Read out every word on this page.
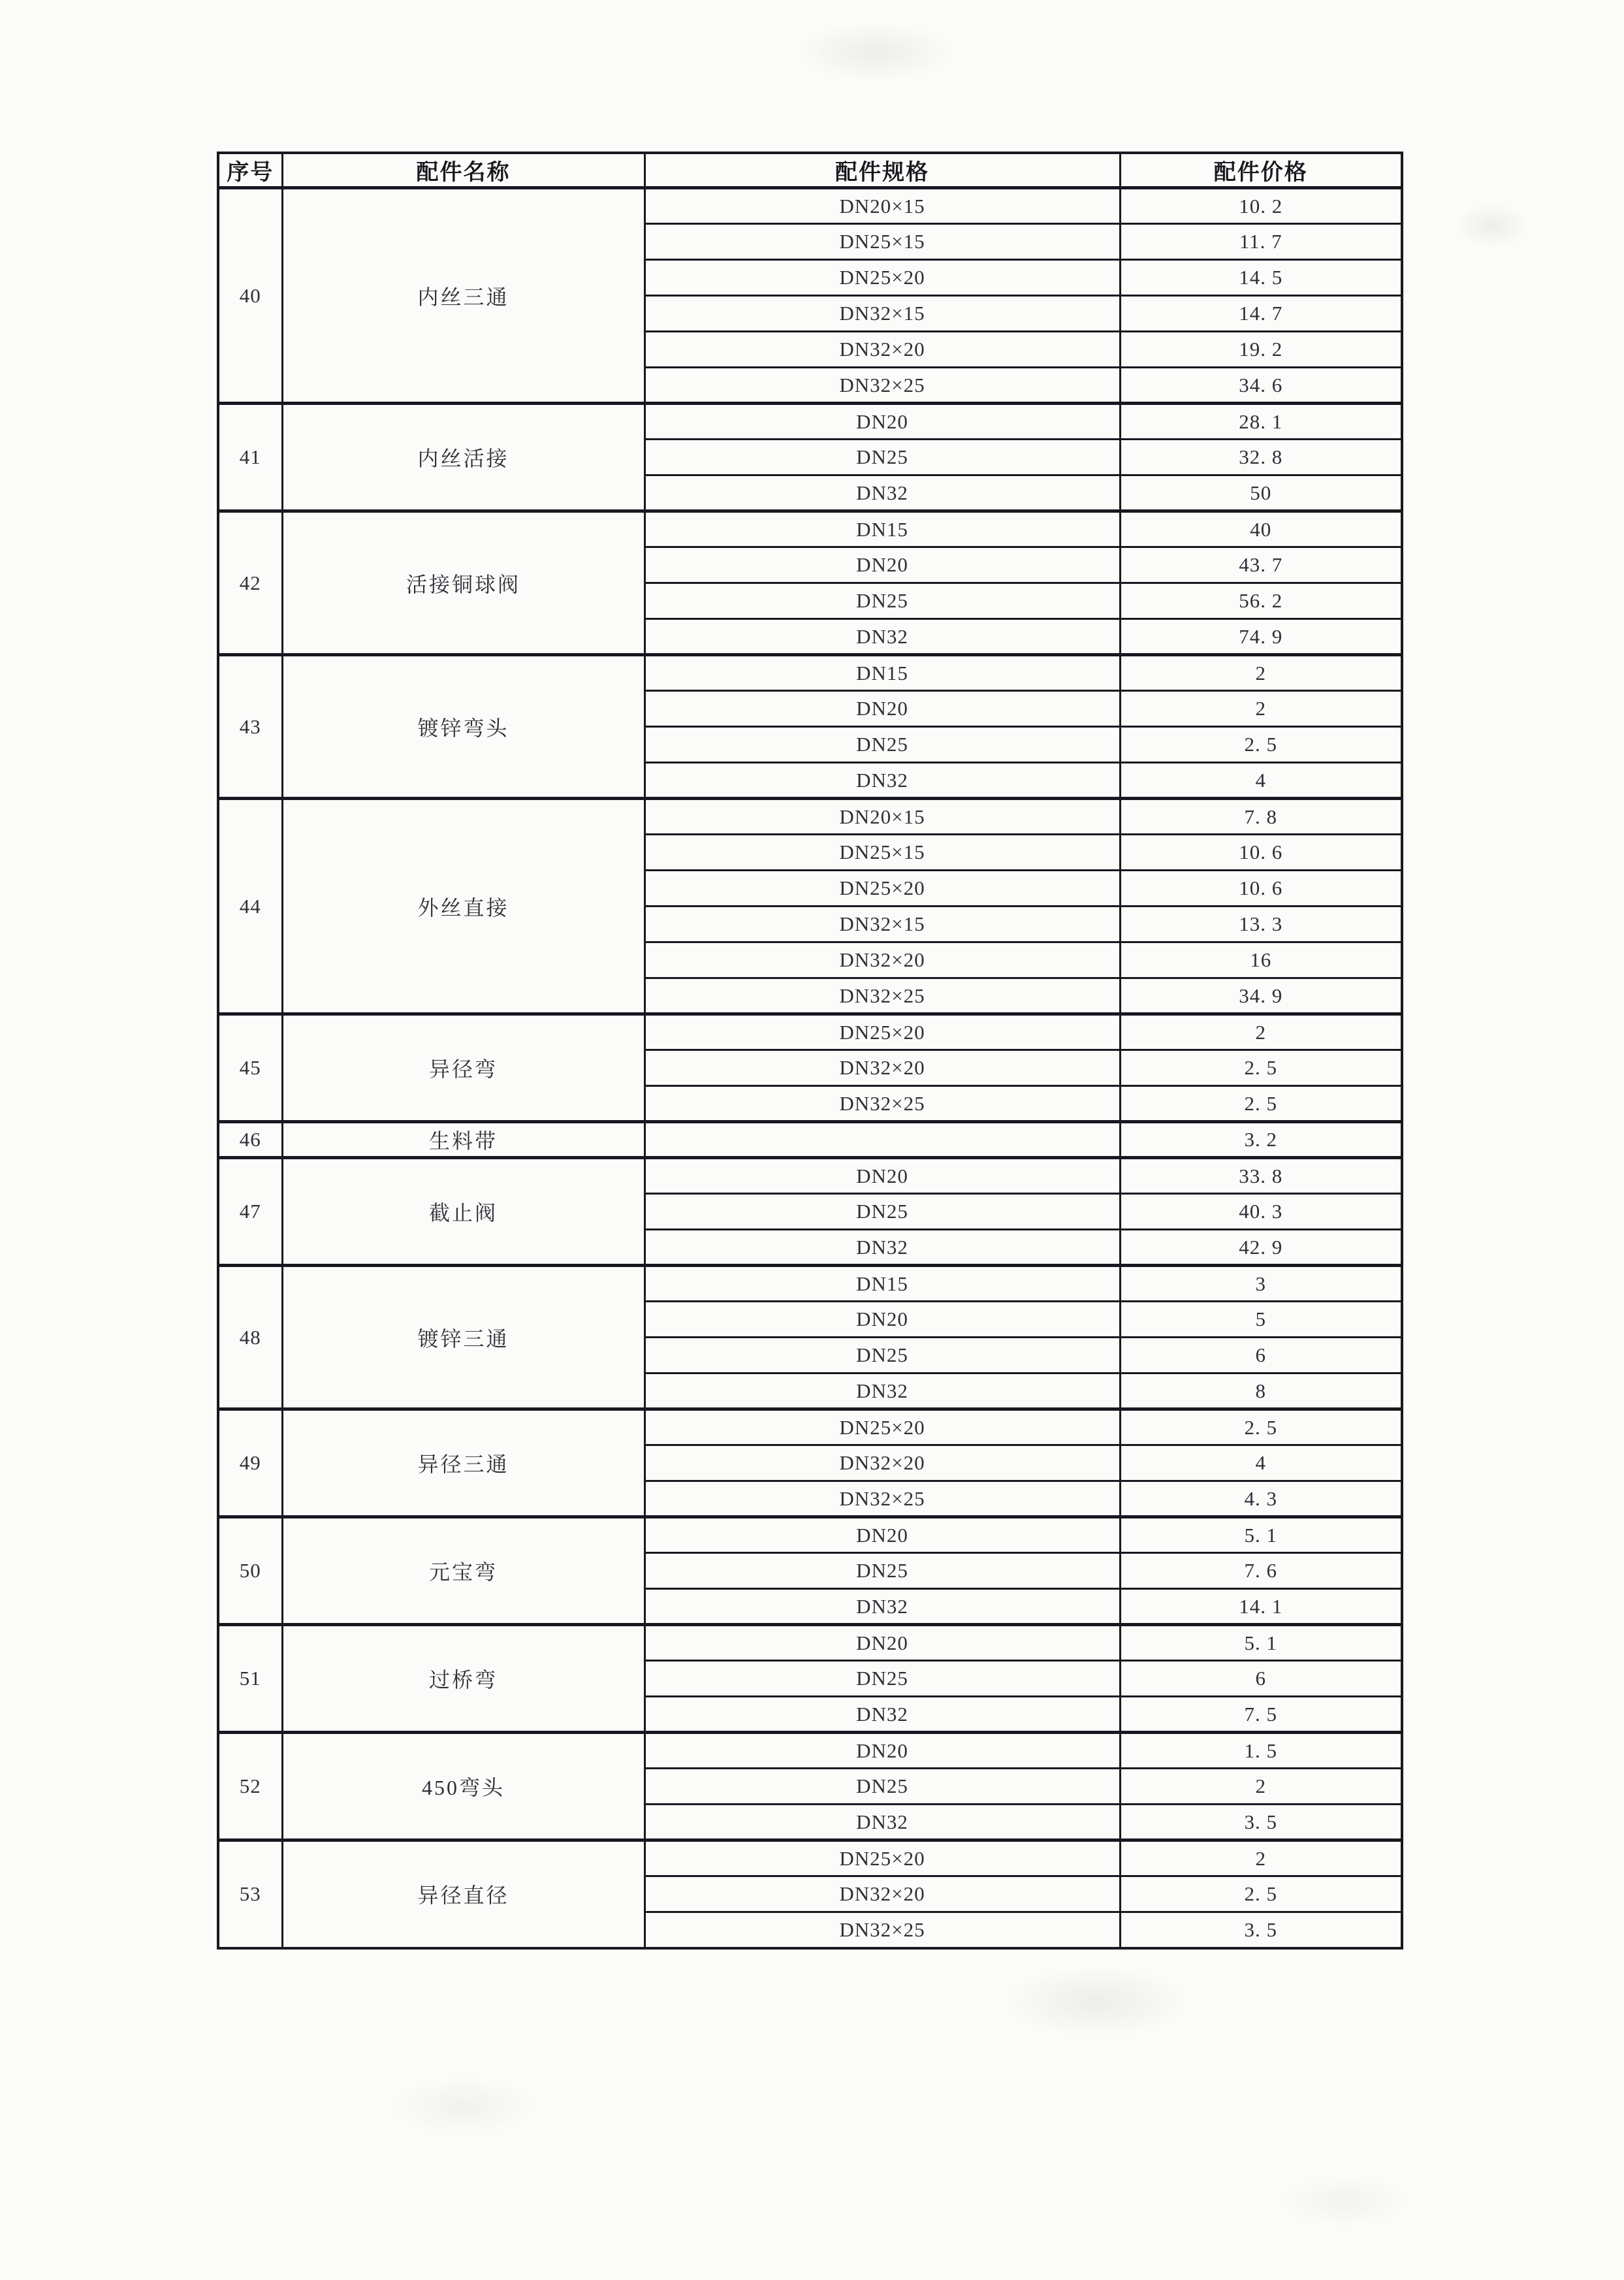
序号	配件名称	配件规格	配件价格
40	内丝三通	DN20×15	10. 2
		DN25×15	11. 7
		DN25×20	14. 5
		DN32×15	14. 7
		DN32×20	19. 2
		DN32×25	34. 6
41	内丝活接	DN20	28. 1
		DN25	32. 8
		DN32	50
42	活接铜球阀	DN15	40
		DN20	43. 7
		DN25	56. 2
		DN32	74. 9
43	镀锌弯头	DN15	2
		DN20	2
		DN25	2. 5
		DN32	4
44	外丝直接	DN20×15	7. 8
		DN25×15	10. 6
		DN25×20	10. 6
		DN32×15	13. 3
		DN32×20	16
		DN32×25	34. 9
45	异径弯	DN25×20	2
		DN32×20	2. 5
		DN32×25	2. 5
46	生料带		3. 2
47	截止阀	DN20	33. 8
		DN25	40. 3
		DN32	42. 9
48	镀锌三通	DN15	3
		DN20	5
		DN25	6
		DN32	8
49	异径三通	DN25×20	2. 5
		DN32×20	4
		DN32×25	4. 3
50	元宝弯	DN20	5. 1
		DN25	7. 6
		DN32	14. 1
51	过桥弯	DN20	5. 1
		DN25	6
		DN32	7. 5
52	450弯头	DN20	1. 5
		DN25	2
		DN32	3. 5
53	异径直径	DN25×20	2
		DN32×20	2. 5
		DN32×25	3. 5
